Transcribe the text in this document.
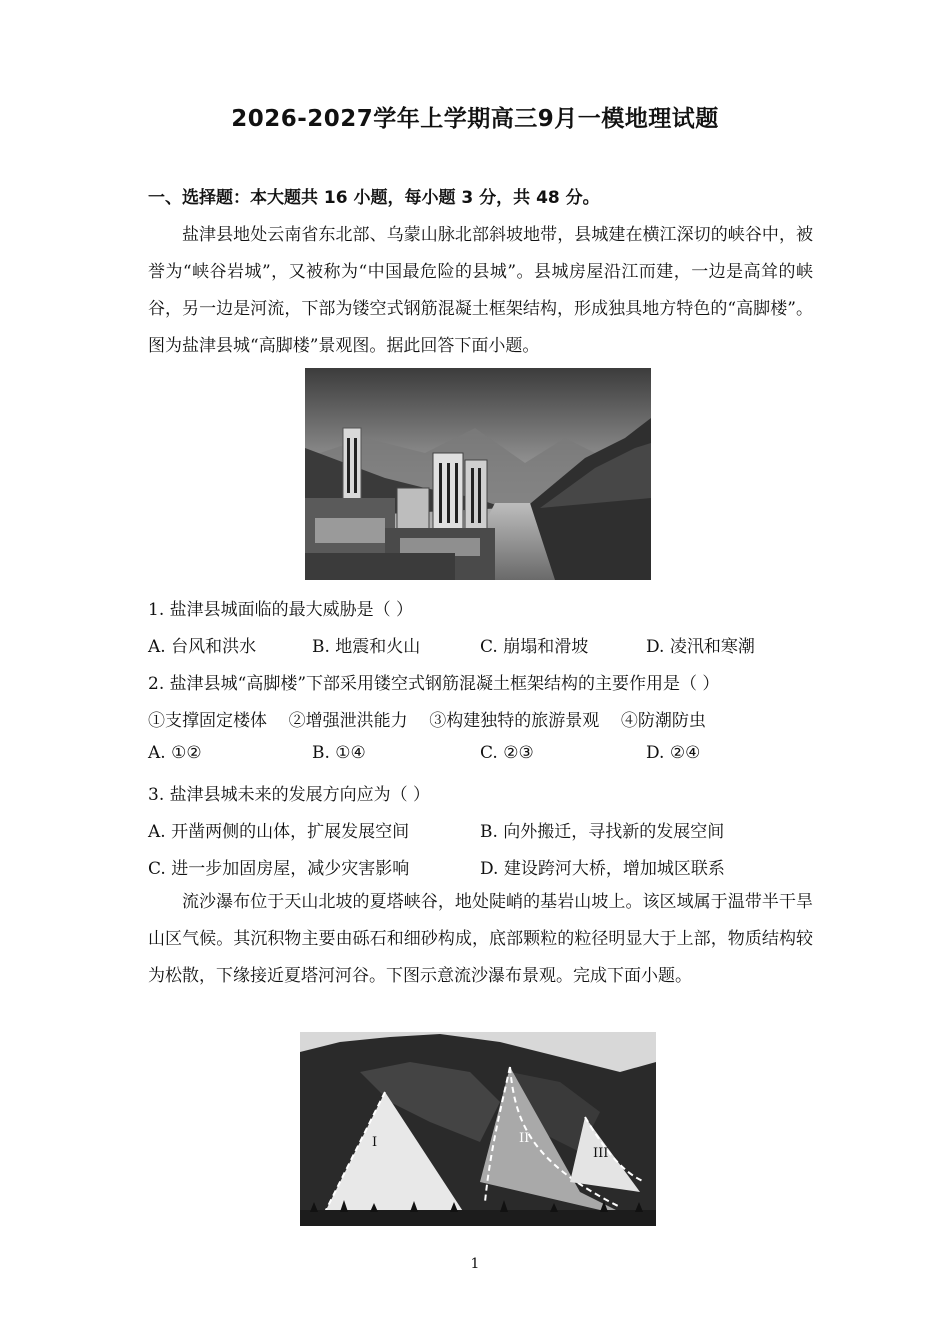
2026-2027学年上学期高三9月一模地理试题
一、选择题：本大题共 16 小题，每小题 3 分，共 48 分。
盐津县地处云南省东北部、乌蒙山脉北部斜坡地带，县城建在横江深切的峡谷中，被誉为“峡谷岩城”，又被称为“中国最危险的县城”。县城房屋沿江而建，一边是高耸的峡谷，另一边是河流，下部为镂空式钢筋混凝土框架结构，形成独具地方特色的“高脚楼”。图为盐津县城“高脚楼”景观图。据此回答下面小题。
1. 盐津县城面临的最大威胁是（ ）
A. 台风和洪水	B. 地震和火山	C. 崩塌和滑坡	D. 凌汛和寒潮
2. 盐津县城“高脚楼”下部采用镂空式钢筋混凝土框架结构的主要作用是（ ）
①支撑固定楼体    ②增强泄洪能力    ③构建独特的旅游景观    ④防潮防虫
A. ①②	B. ①④	C. ②③	D. ②④
3. 盐津县城未来的发展方向应为（ ）
A. 开凿两侧的山体，扩展发展空间	B. 向外搬迁，寻找新的发展空间
C. 进一步加固房屋，减少灾害影响	D. 建设跨河大桥，增加城区联系
流沙瀑布位于天山北坡的夏塔峡谷，地处陡峭的基岩山坡上。该区域属于温带半干旱山区气候。其沉积物主要由砾石和细砂构成，底部颗粒的粒径明显大于上部，物质结构较为松散，下缘接近夏塔河河谷。下图示意流沙瀑布景观。完成下面小题。
I	II
III
1
